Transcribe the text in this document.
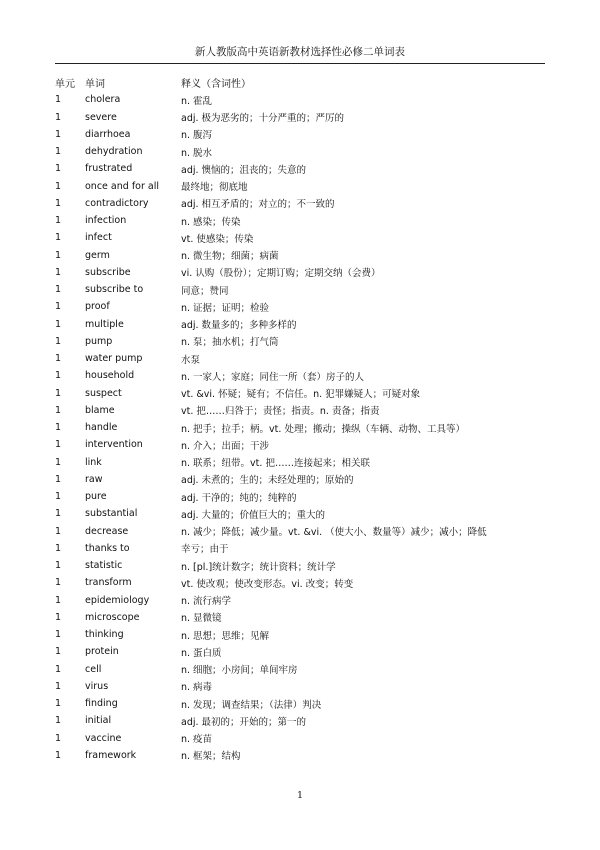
新人教版高中英语新教材选择性必修二单词表
单元	单词	释义（含词性）
1	cholera	n. 霍乱
1	severe	adj. 极为恶劣的；十分严重的；严厉的
1	diarrhoea	n. 腹泻
1	dehydration	n. 脱水
1	frustrated	adj. 懊恼的；沮丧的；失意的
1	once and for all	最终地；彻底地
1	contradictory	adj. 相互矛盾的；对立的；不一致的
1	infection	n. 感染；传染
1	infect	vt. 使感染；传染
1	germ	n. 微生物；细菌；病菌
1	subscribe	vi. 认购（股份）；定期订购；定期交纳（会费）
1	subscribe to	同意；赞同
1	proof	n. 证据；证明；检验
1	multiple	adj. 数量多的；多种多样的
1	pump	n. 泵；抽水机；打气筒
1	water pump	水泵
1	household	n. 一家人；家庭；同住一所（套）房子的人
1	suspect	vt. &vi. 怀疑；疑有；不信任。n. 犯罪嫌疑人；可疑对象
1	blame	vt. 把……归咎于；责怪；指责。n. 责备；指责
1	handle	n. 把手；拉手；柄。vt. 处理；搬动；操纵（车辆、动物、工具等）
1	intervention	n. 介入；出面；干涉
1	link	n. 联系；纽带。vt. 把……连接起来；相关联
1	raw	adj. 未煮的；生的；未经处理的；原始的
1	pure	adj. 干净的；纯的；纯粹的
1	substantial	adj. 大量的；价值巨大的；重大的
1	decrease	n. 减少；降低；减少量。vt. &vi. （使大小、数量等）减少；减小；降低
1	thanks to	幸亏；由于
1	statistic	n. [pl.]统计数字；统计资料；统计学
1	transform	vt. 使改观；使改变形态。vi. 改变；转变
1	epidemiology	n. 流行病学
1	microscope	n. 显微镜
1	thinking	n. 思想；思维；见解
1	protein	n. 蛋白质
1	cell	n. 细胞；小房间；单间牢房
1	virus	n. 病毒
1	finding	n. 发现；调查结果；（法律）判决
1	initial	adj. 最初的；开始的；第一的
1	vaccine	n. 疫苗
1	framework	n. 框架；结构
1
